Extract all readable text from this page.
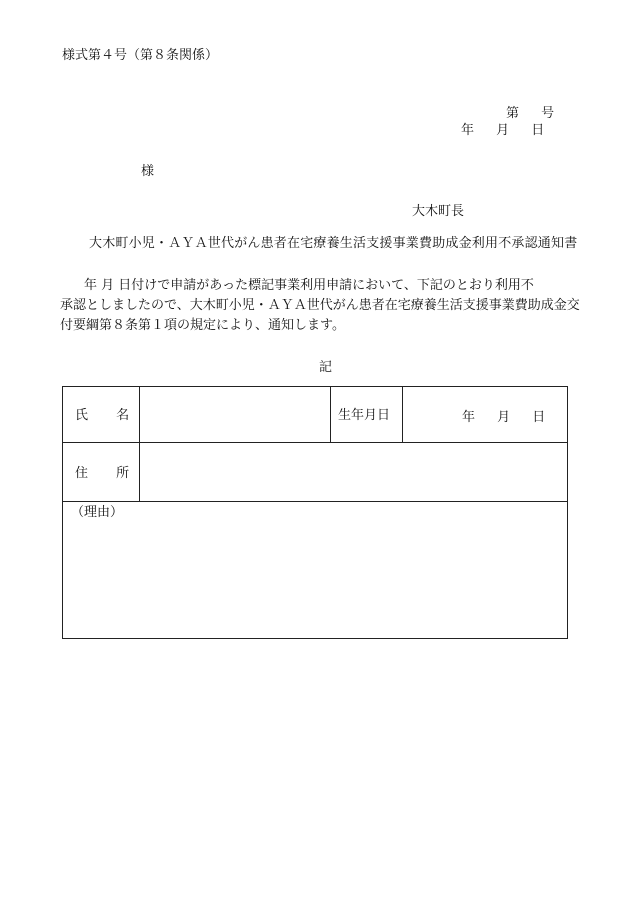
様式第４号（第８条関係）
第 号
年 月 日
様
大木町長
大木町小児・ＡＹＡ世代がん患者在宅療養生活支援事業費助成金利用不承認通知書
年 月 日付けで申請があった標記事業利用申請において、下記のとおり利用不
承認としましたので、大木町小児・ＡＹＡ世代がん患者在宅療養生活支援事業費助成金交
付要綱第８条第１項の規定により、通知します。
記
氏 名	生年月日	年 月 日
住 所
（理由）
